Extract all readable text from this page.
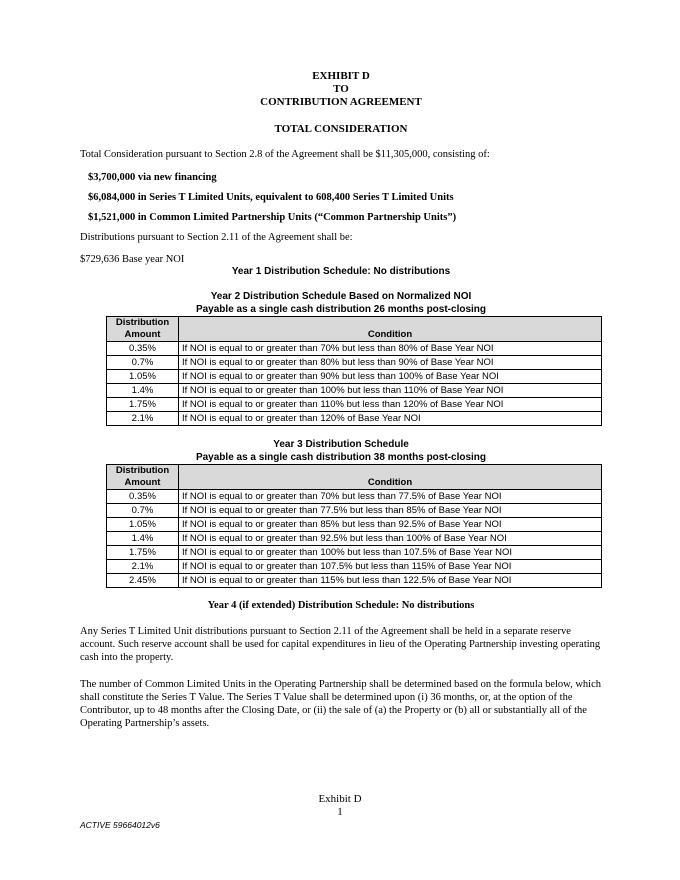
EXHIBIT D
TO
CONTRIBUTION AGREEMENT
TOTAL CONSIDERATION

Total Consideration pursuant to Section 2.8 of the Agreement shall be $11,305,000, consisting of:

$3,700,000 via new financing
$6,084,000 in Series T Limited Units, equivalent to 608,400 Series T Limited Units
$1,521,000 in Common Limited Partnership Units (“Common Partnership Units”)

Distributions pursuant to Section 2.11 of the Agreement shall be:

$729,636 Base year NOI

Year 1 Distribution Schedule: No distributions
Year 2 Distribution Schedule Based on Normalized NOI
Payable as a single cash distribution 26 months post-closing
Distribution
Amount	Condition
0.35%	If NOI is equal to or greater than 70% but less than 80% of Base Year NOI
0.7%	If NOI is equal to or greater than 80% but less than 90% of Base Year NOI
1.05%	If NOI is equal to or greater than 90% but less than 100% of Base Year NOI
1.4%	If NOI is equal to or greater than 100% but less than 110% of Base Year NOI
1.75%	If NOI is equal to or greater than 110% but less than 120% of Base Year NOI
2.1%	If NOI is equal to or greater than 120% of Base Year NOI
Year 3 Distribution Schedule
Payable as a single cash distribution 38 months post-closing
Distribution
Amount	Condition
0.35%	If NOI is equal to or greater than 70% but less than 77.5% of Base Year NOI
0.7%	If NOI is equal to or greater than 77.5% but less than 85% of Base Year NOI
1.05%	If NOI is equal to or greater than 85% but less than 92.5% of Base Year NOI
1.4%	If NOI is equal to or greater than 92.5% but less than 100% of Base Year NOI
1.75%	If NOI is equal to or greater than 100% but less than 107.5% of Base Year NOI
2.1%	If NOI is equal to or greater than 107.5% but less than 115% of Base Year NOI
2.45%	If NOI is equal to or greater than 115% but less than 122.5% of Base Year NOI
Year 4 (if extended) Distribution Schedule: No distributions

Any Series T Limited Unit distributions pursuant to Section 2.11 of the Agreement shall be held in a separate reserve account. Such reserve account shall be used for capital expenditures in lieu of the Operating Partnership investing operating cash into the property.

The number of Common Limited Units in the Operating Partnership shall be determined based on the formula below, which shall constitute the Series T Value. The Series T Value shall be determined upon (i) 36 months, or, at the option of the Contributor, up to 48 months after the Closing Date, or (ii) the sale of (a) the Property or (b) all or substantially all of the Operating Partnership’s assets.

Exhibit D
1
ACTIVE 59664012v6
